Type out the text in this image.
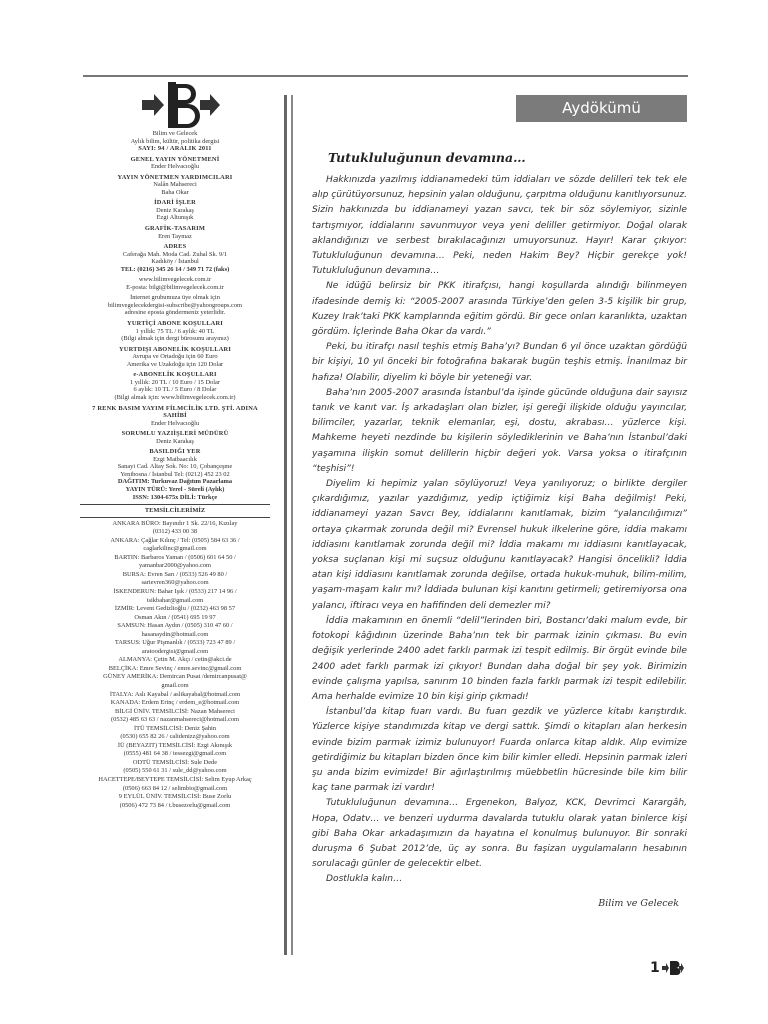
Bilim ve Gelecek
Aylık bilim, kültür, politika dergisi
SAYI: 94 / ARALIK 2011
GENEL YAYIN YÖNETMENİ
Ender Helvacıoğlu
YAYIN YÖNETMEN YARDIMCILARI
Nalân Mahsereci
Baha Okar
İDARİ İŞLER
Deniz Karakaş
Ezgi Altunışık
GRAFİK-TASARIM
Eren Taymaz
ADRES
Caferağa Mah. Moda Cad. Zuhal Sk. 9/1
Kadıköy / İstanbul
TEL: (0216) 345 26 14 / 349 71 72 (faks)
www.bilimvegelecek.com.tr
E-posta: bilgi@bilimvegelecek.com.tr
İnternet grubumuza üye olmak için
bilimvegelecekdergisi-subscribe@yahoogroups.com
adresine eposta göndermeniz yeterlidir.
YURTİÇİ ABONE KOŞULLARI
1 yıllık: 75 TL / 6 aylık: 40 TL
(Bilgi almak için dergi bürosunu arayınız)
YURTDIŞI ABONELİK KOŞULLARI
Avrupa ve Ortadoğu için 60 Euro
Amerika ve Uzakdoğu için 120 Dolar
e-ABONELİK KOŞULLARI
1 yıllık: 20 TL / 10 Euro / 15 Dolar
6 aylık: 10 TL / 5 Euro / 8 Dolar
(Bilgi almak için: www.bilimvegelecek.com.tr)
7 RENK BASIM YAYIM FİLMCİLİK LTD. ŞTİ. ADINA SAHİBİ
Ender Helvacıoğlu
SORUMLU YAZIİŞLERİ MÜDÜRÜ
Deniz Karakaş
BASILDIĞI YER
Ezgi Matbaacılık
Sanayi Cad. Altay Sok. No: 10, Çobançeşme
Yenibosna / İstanbul Tel: (0212) 452 23 02
DAĞITIM: Turkuvaz Dağıtım Pazarlama
YAYIN TÜRÜ: Yerel - Süreli (Aylık)
ISSN: 1304-675x DİLİ: Türkçe
TEMSİLCİLERİMİZ
ANKARA BÜRO: Bayındır 1 Sk. 22/16, Kızılay
(0312) 433 00 38
ANKARA: Çağlar Kılınç / Tel: (0505) 584 63 36 /
caglarkilinc@gmail.com
BARTIN: Barbaros Yaman / (0506) 601 64 50 /
yamanbar2000@yahoo.com
BURSA: Evren Sarı / (0533) 526 49 80 /
sarievren360@yahoo.com
İSKENDERUN: Bahar Işık / (0533) 217 14 96 /
isikbahar@gmail.com
İZMİR: Levent Gedizlioğlu / (0232) 463 98 57
Osman Akın / (0541) 695 19 97
SAMSUN: Hasan Aydın / (0505) 310 47 60 /
hasanaydin@hotmail.com
TARSUS: Uğur Pişmanlık / (0533) 723 47 89 /
aratoodergisi@gmail.com
ALMANYA: Çetin M. Akçı / cetin@akci.de
BELÇİKA: Emre Sevinç / emre.sevinc@gmail.com
GÜNEY AMERİKA: Demircan Pusat /demircanpusat@
gmail.com
İTALYA: Aslı Kayabal / aslikayabal@hotmail.com
KANADA: Erdem Erinç / erdem_e@hotmail.com
BİLGİ ÜNİV. TEMSİLCİSİ: Nazan Mahsereci
(0532) 485 63 63 / nazanmahsereci@hotmail.com
İTÜ TEMSİLCİSİ: Deniz Şahin
(0530) 655 82 26 / calidenizz@yahoo.com
İÜ (BEYAZIT) TEMSİLCİSİ: Ezgi Akınışık
(0555) 481 64 38 / tessezgi@gmail.com
ODTÜ TEMSİLCİSİ: Sule Dede
(0505) 550 61 31 / sule_dd@yahoo.com
HACETTEPE/BEYTEPE TEMSİLCİSİ: Selim Eyup Arkaç
(0506) 663 84 12 / selimbio@gmail.com
9 EYLÜL ÜNİV. TEMSİLCİSİ: Buse Zorlu
(0506) 472 73 84 / t.busezorlu@gmail.com
Aydökümü
Tutukluluğunun devamına…

Hakkınızda yazılmış iddianamedeki tüm iddiaları ve sözde delilleri tek tek ele alıp çürütüyorsunuz, hepsinin yalan olduğunu, çarpıtma olduğunu kanıtlıyorsunuz. Sizin hakkınızda bu iddianameyi yazan savcı, tek bir söz söylemiyor, sizinle tartışmıyor, iddialarını savunmuyor veya yeni deliller getirmiyor. Doğal olarak aklandığınızı ve serbest bırakılacağınızı umuyorsunuz. Hayır! Karar çıkıyor: Tutukluluğunun devamına… Peki, neden Hakim Bey? Hiçbir gerekçe yok! Tutukluluğunun devamına…

Ne idüğü belirsiz bir PKK itirafçısı, hangi koşullarda alındığı bilinmeyen ifadesinde demiş ki: “2005-2007 arasında Türkiye’den gelen 3-5 kişilik bir grup, Kuzey Irak’taki PKK kamplarında eğitim gördü. Bir gece onları karanlıkta, uzaktan gördüm. İçlerinde Baha Okar da vardı.”

Peki, bu itirafçı nasıl teşhis etmiş Baha’yı? Bundan 6 yıl önce uzaktan gördüğü bir kişiyi, 10 yıl önceki bir fotoğrafına bakarak bugün teşhis etmiş. İnanılmaz bir hafıza! Olabilir, diyelim ki böyle bir yeteneği var.

Baha’nın 2005-2007 arasında İstanbul’da işinde gücünde olduğuna dair sayısız tanık ve kanıt var. İş arkadaşları olan bizler, işi gereği ilişkide olduğu yayıncılar, bilimciler, yazarlar, teknik elemanlar, eşi, dostu, akrabası… yüzlerce kişi. Mahkeme heyeti nezdinde bu kişilerin söylediklerinin ve Baha’nın İstanbul’daki yaşamına ilişkin somut delillerin hiçbir değeri yok. Varsa yoksa o itirafçının “teşhisi”!

Diyelim ki hepimiz yalan söylüyoruz! Veya yanılıyoruz; o birlikte dergiler çıkardığımız, yazılar yazdığımız, yedip içtiğimiz kişi Baha değilmiş! Peki, iddianameyi yazan Savcı Bey, iddialarını kanıtlamak, bizim “yalancılığımızı” ortaya çıkarmak zorunda değil mi? Evrensel hukuk ilkelerine göre, iddia makamı iddiasını kanıtlamak zorunda değil mi? İddia makamı mı iddiasını kanıtlayacak, yoksa suçlanan kişi mi suçsuz olduğunu kanıtlayacak? Hangisi öncelikli? İddia atan kişi iddiasını kanıtlamak zorunda değilse, ortada hukuk-muhuk, bilim-milim, yaşam-maşam kalır mı? İddiada bulunan kişi kanıtını getirmeli; getiremiyorsa ona yalancı, iftiracı veya en hafifinden deli demezler mi?

İddia makamının en önemli “delil”lerinden biri, Bostancı’daki malum evde, bir fotokopi kâğıdının üzerinde Baha’nın tek bir parmak izinin çıkması. Bu evin değişik yerlerinde 2400 adet farklı parmak izi tespit edilmiş. Bir örgüt evinde bile 2400 adet farklı parmak izi çıkıyor! Bundan daha doğal bir şey yok. Birimizin evinde çalışma yapılsa, sanırım 10 binden fazla farklı parmak izi tespit edilebilir. Ama herhalde evimize 10 bin kişi girip çıkmadı!

İstanbul’da kitap fuarı vardı. Bu fuarı gezdik ve yüzlerce kitabı karıştırdık. Yüzlerce kişiye standımızda kitap ve dergi sattık. Şimdi o kitapları alan herkesin evinde bizim parmak izimiz bulunuyor! Fuarda onlarca kitap aldık. Alıp evimize getirdiğimiz bu kitapları bizden önce kim bilir kimler elledi. Hepsinin parmak izleri şu anda bizim evimizde! Bir ağırlaştırılmış müebbetlin hücresinde bile kim bilir kaç tane parmak izi vardır!

Tutukluluğunun devamına… Ergenekon, Balyoz, KCK, Devrimci Karargâh, Hopa, Odatv… ve benzeri uydurma davalarda tutuklu olarak yatan binlerce kişi gibi Baha Okar arkadaşımızın da hayatına el konulmuş bulunuyor. Bir sonraki duruşma 6 Şubat 2012’de, üç ay sonra. Bu faşizan uygulamaların hesabının sorulacağı günler de gelecektir elbet.

Dostlukla kalın…

Bilim ve Gelecek
1
